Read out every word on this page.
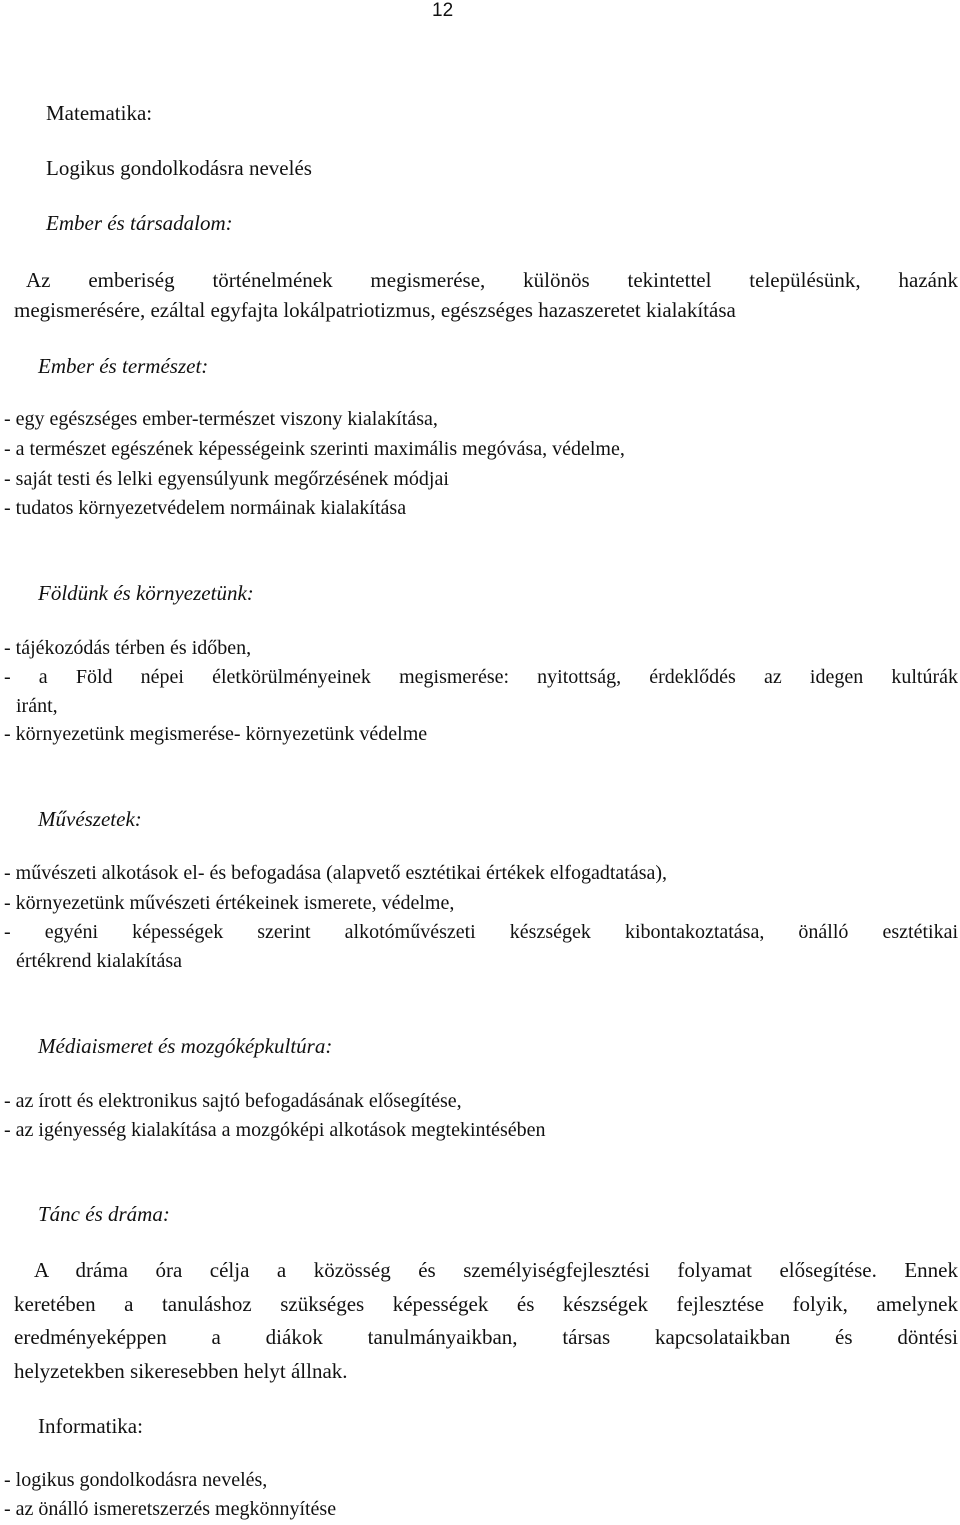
12
Matematika:
Logikus gondolkodásra nevelés
Ember és társadalom:
Az emberiség történelmének megismerése, különös tekintettel településünk, hazánk
megismerésére, ezáltal egyfajta lokálpatriotizmus, egészséges hazaszeretet kialakítása
Ember és természet:
- egy egészséges ember-természet viszony kialakítása,
- a természet egészének képességeink szerinti maximális megóvása, védelme,
- saját testi és lelki egyensúlyunk megőrzésének módjai
- tudatos környezetvédelem normáinak kialakítása
Földünk és környezetünk:
- tájékozódás térben és időben,
- a Föld népei életkörülményeinek megismerése: nyitottság, érdeklődés az idegen kultúrák
iránt,
- környezetünk megismerése- környezetünk védelme
Művészetek:
- művészeti alkotások el- és befogadása (alapvető esztétikai értékek elfogadtatása),
- környezetünk művészeti értékeinek ismerete, védelme,
- egyéni képességek szerint alkotóművészeti készségek kibontakoztatása, önálló esztétikai
értékrend kialakítása
Médiaismeret és mozgóképkultúra:
- az írott és elektronikus sajtó befogadásának elősegítése,
- az igényesség kialakítása a mozgóképi alkotások megtekintésében
Tánc és dráma:
A dráma óra célja a közösség és személyiségfejlesztési folyamat elősegítése. Ennek
keretében a tanuláshoz szükséges képességek és készségek fejlesztése folyik, amelynek
eredményeképpen a diákok tanulmányaikban, társas kapcsolataikban és döntési
helyzetekben sikeresebben helyt állnak.
Informatika:
- logikus gondolkodásra nevelés,
- az önálló ismeretszerzés megkönnyítése
